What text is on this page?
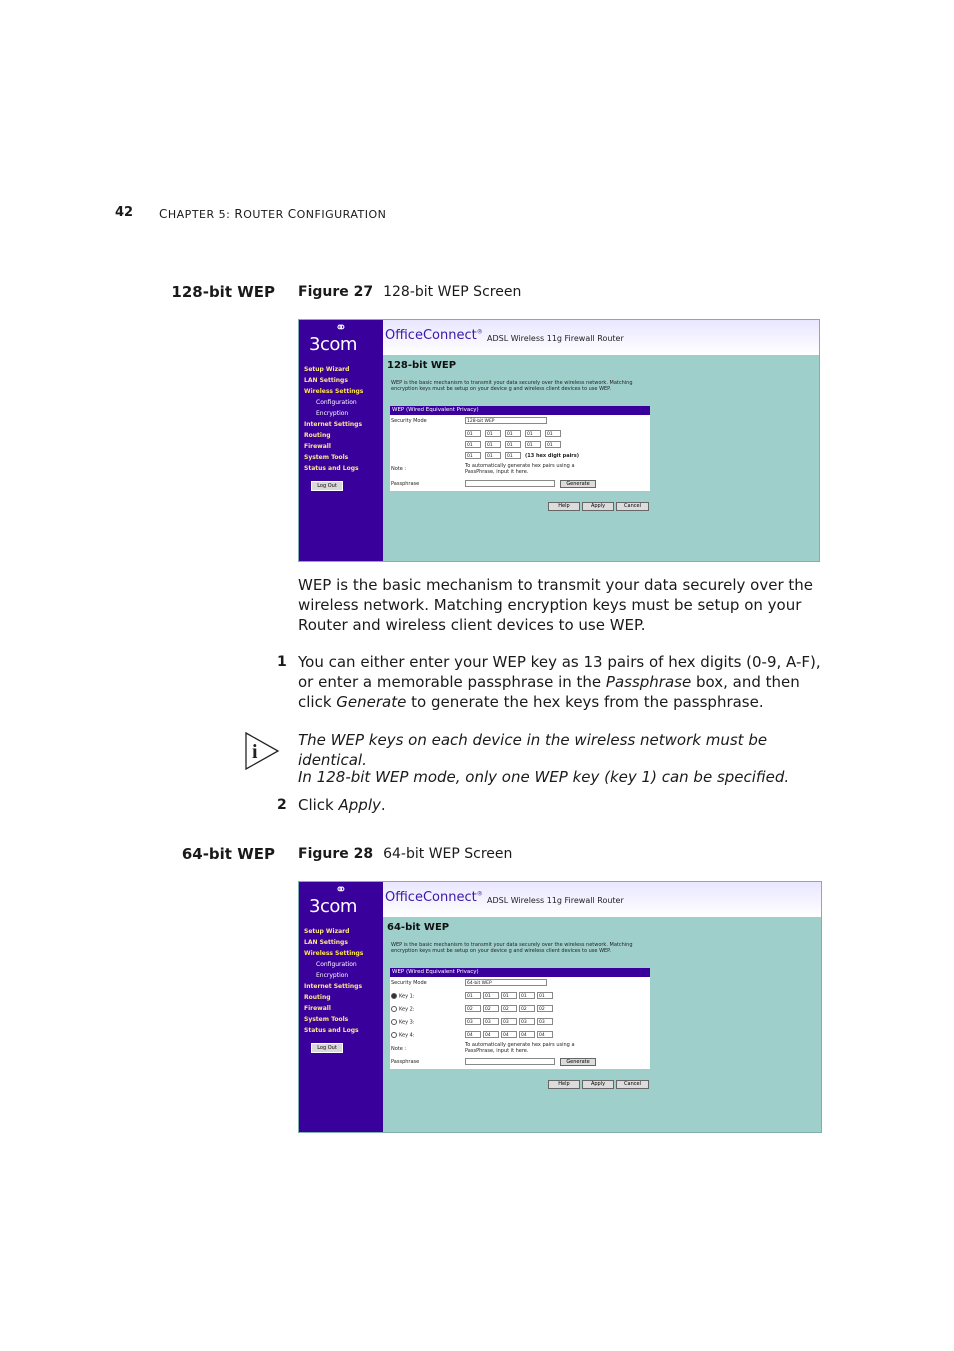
42 CHAPTER 5: ROUTER CONFIGURATION
128-bit WEP Figure 27 128-bit WEP Screen
⚭
3com
Setup Wizard
LAN Settings
Wireless Settings
Configuration
Encryption
Internet Settings
Routing
Firewall
System Tools
Status and Logs
Log Out
OfficeConnect®
ADSL Wireless 11g Firewall Router
128-bit WEP
WEP is the basic mechanism to transmit your data securely over the wireless network. Matching encryption keys must be setup on your device g and wireless client devices to use WEP.
WEP (Wired Equivalent Privacy)
Security Mode	128-bit WEP
01	01	01	01	01
01	01	01	01	01
01	01	01	(13 hex digit pairs)
Note :	To automatically generate hex pairs using a PassPhrase, input it here.
Passphrase	Generate
Help	Apply	Cancel
WEP is the basic mechanism to transmit your data securely over the wireless network. Matching encryption keys must be setup on your Router and wireless client devices to use WEP.
1 You can either enter your WEP key as 13 pairs of hex digits (0-9, A-F), or enter a memorable passphrase in the Passphrase box, and then click Generate to generate the hex keys from the passphrase.
i
The WEP keys on each device in the wireless network must be identical.
In 128-bit WEP mode, only one WEP key (key 1) can be specified.
2 Click Apply.
64-bit WEP Figure 28 64-bit WEP Screen
⚭
3com
Setup Wizard
LAN Settings
Wireless Settings
Configuration
Encryption
Internet Settings
Routing
Firewall
System Tools
Status and Logs
Log Out
OfficeConnect®
ADSL Wireless 11g Firewall Router
64-bit WEP
WEP is the basic mechanism to transmit your data securely over the wireless network. Matching encryption keys must be setup on your device g and wireless client devices to use WEP.
WEP (Wired Equivalent Privacy)
Security Mode	64-bit WEP
Key 1:	01	01	01	01	01
Key 2:	02	02	02	02	02
Key 3:	03	03	03	03	03
Key 4:	04	04	04	04	04
Note :
To automatically generate hex pairs using a PassPhrase, input it here.
Passphrase	Generate
Help	Apply	Cancel
